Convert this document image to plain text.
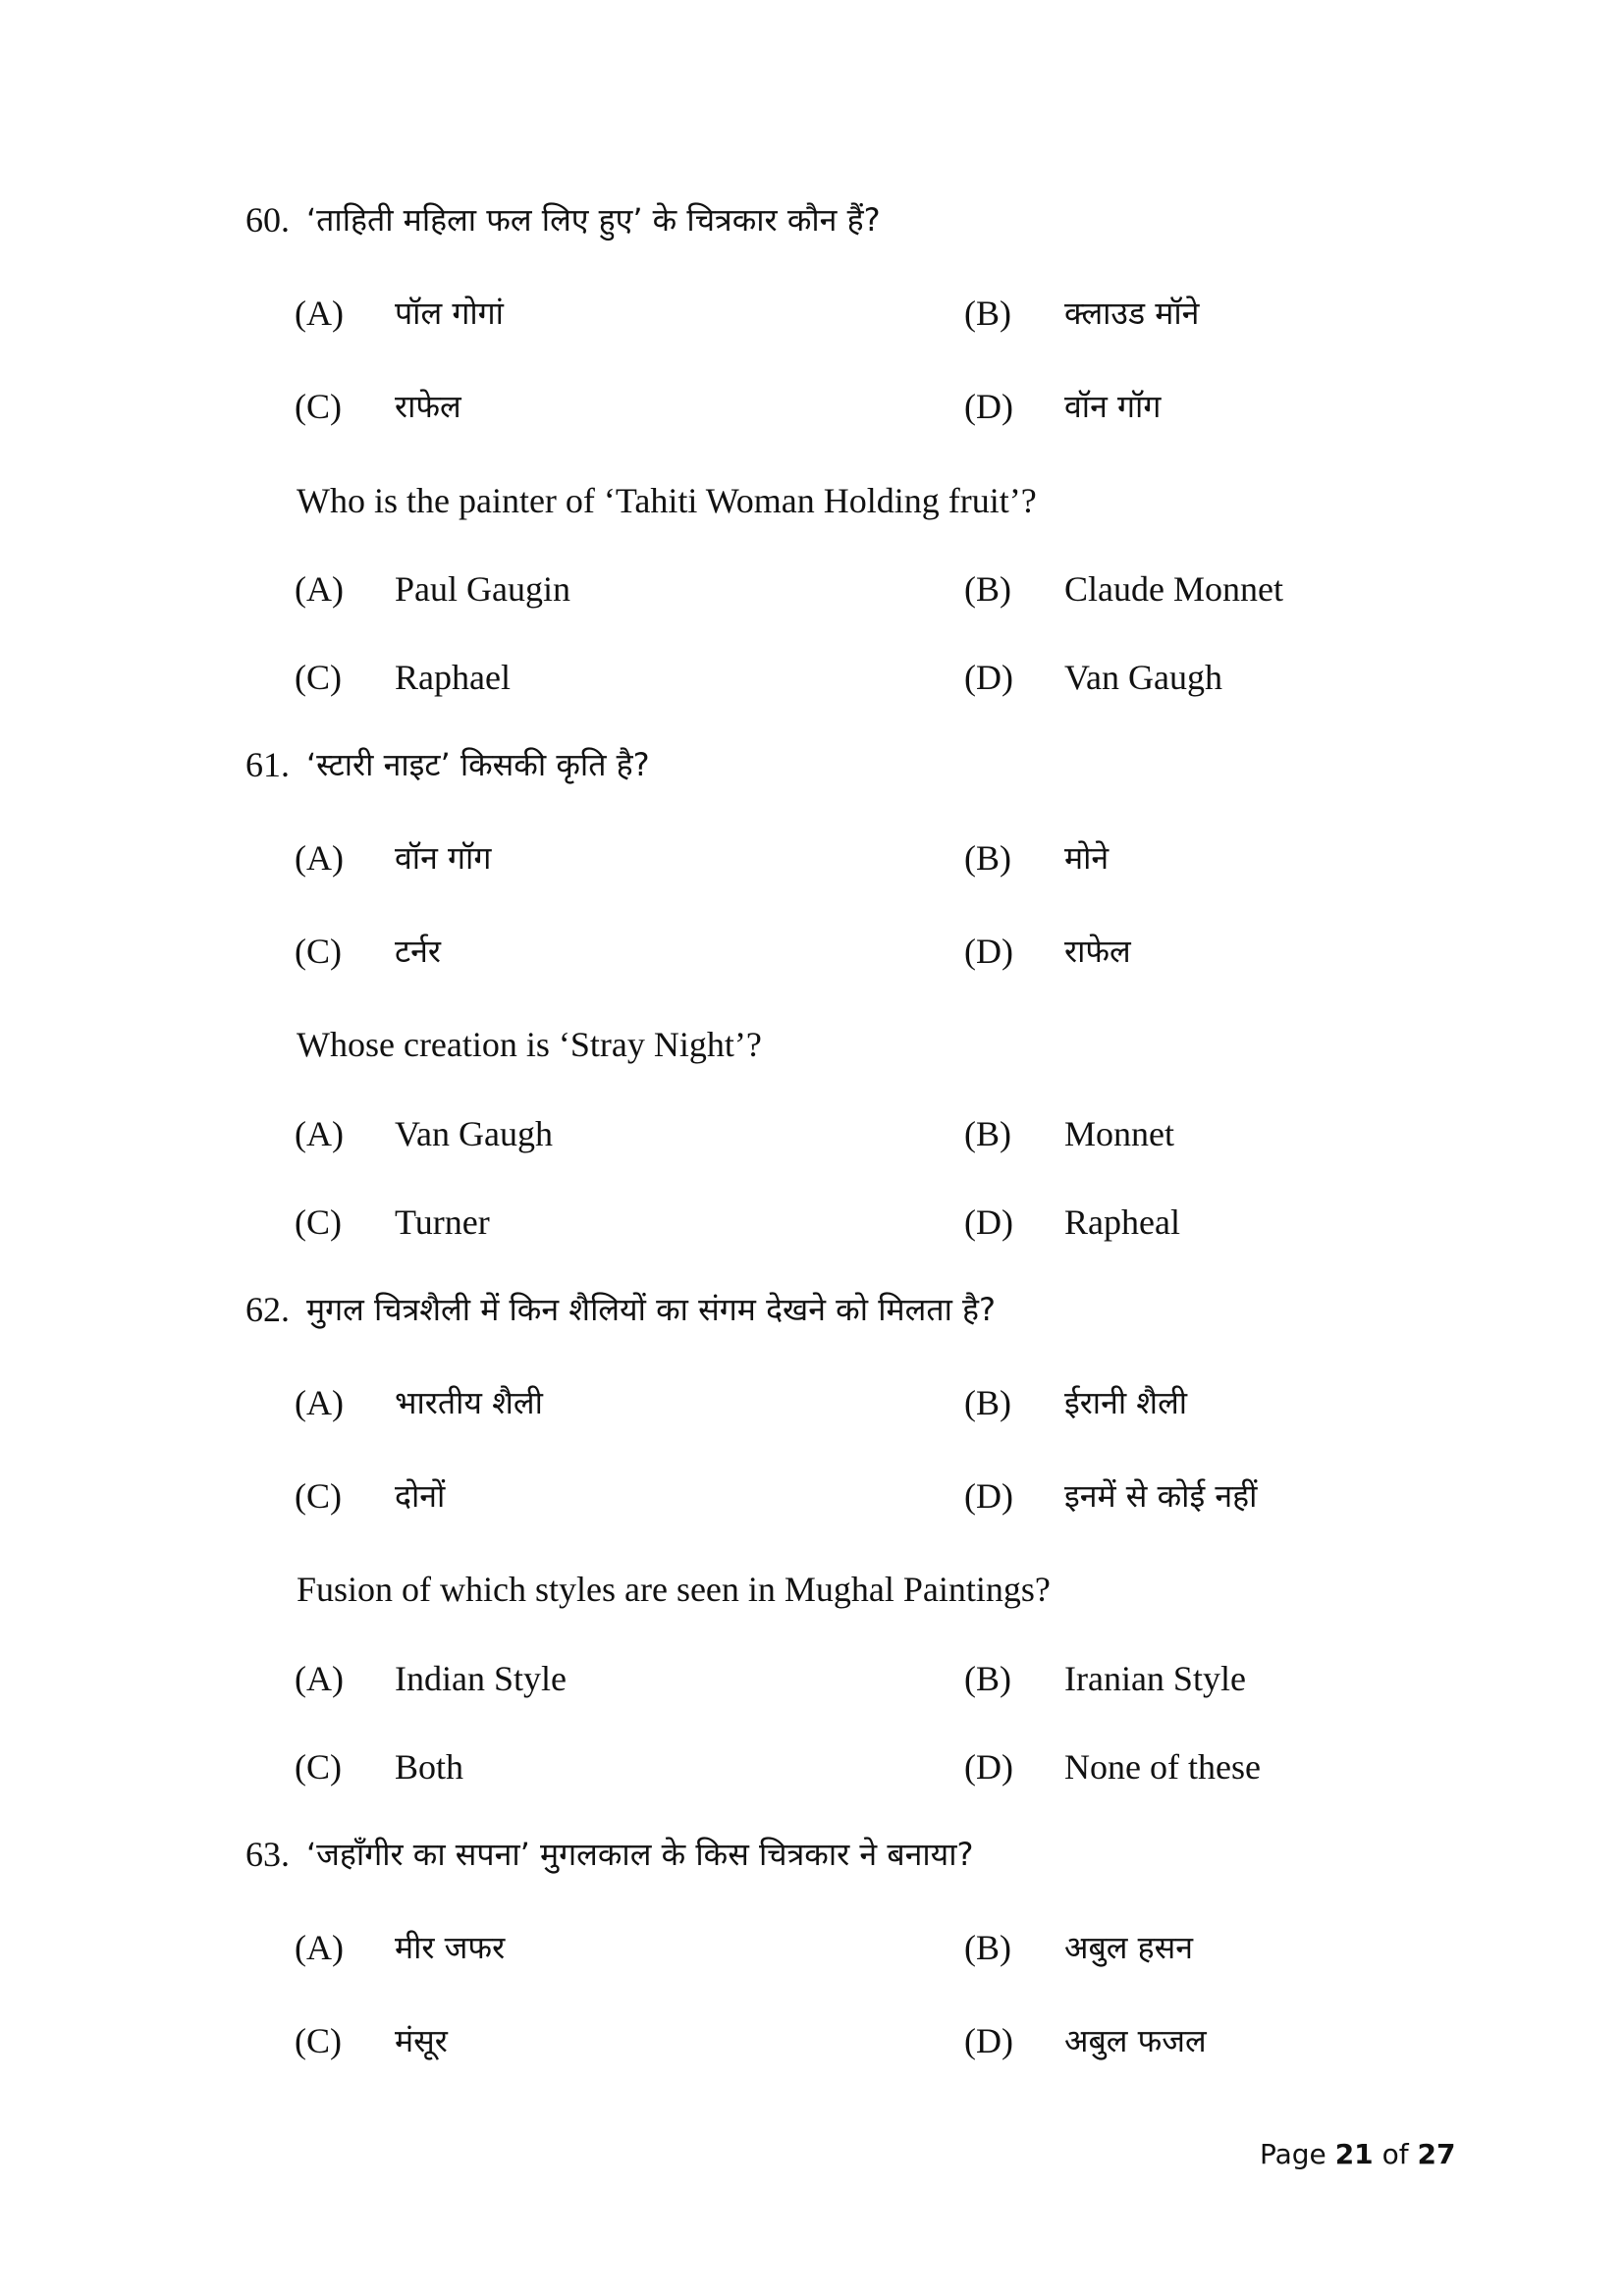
60. ‘ताहिती महिला फल लिए हुए’ के चित्रकार कौन हैं?
(A) पॉल गोगां	(B) क्लाउड मॉने
(C) राफेल	(D) वॉन गॉग
Who is the painter of ‘Tahiti Woman Holding fruit’?
(A) Paul Gaugin	(B) Claude Monnet
(C) Raphael	(D) Van Gaugh
61. ‘स्टारी नाइट’ किसकी कृति है?
(A) वॉन गॉग	(B) मोने
(C) टर्नर	(D) राफेल
Whose creation is ‘Stray Night’?
(A) Van Gaugh	(B) Monnet
(C) Turner	(D) Rapheal
62. मुगल चित्रशैली में किन शैलियों का संगम देखने को मिलता है?
(A) भारतीय शैली	(B) ईरानी शैली
(C) दोनों	(D) इनमें से कोई नहीं
Fusion of which styles are seen in Mughal Paintings?
(A) Indian Style	(B) Iranian Style
(C) Both	(D) None of these
63. ‘जहाँगीर का सपना’ मुगलकाल के किस चित्रकार ने बनाया?
(A) मीर जफर	(B) अबुल हसन
(C) मंसूर	(D) अबुल फजल
Page 21 of 27
